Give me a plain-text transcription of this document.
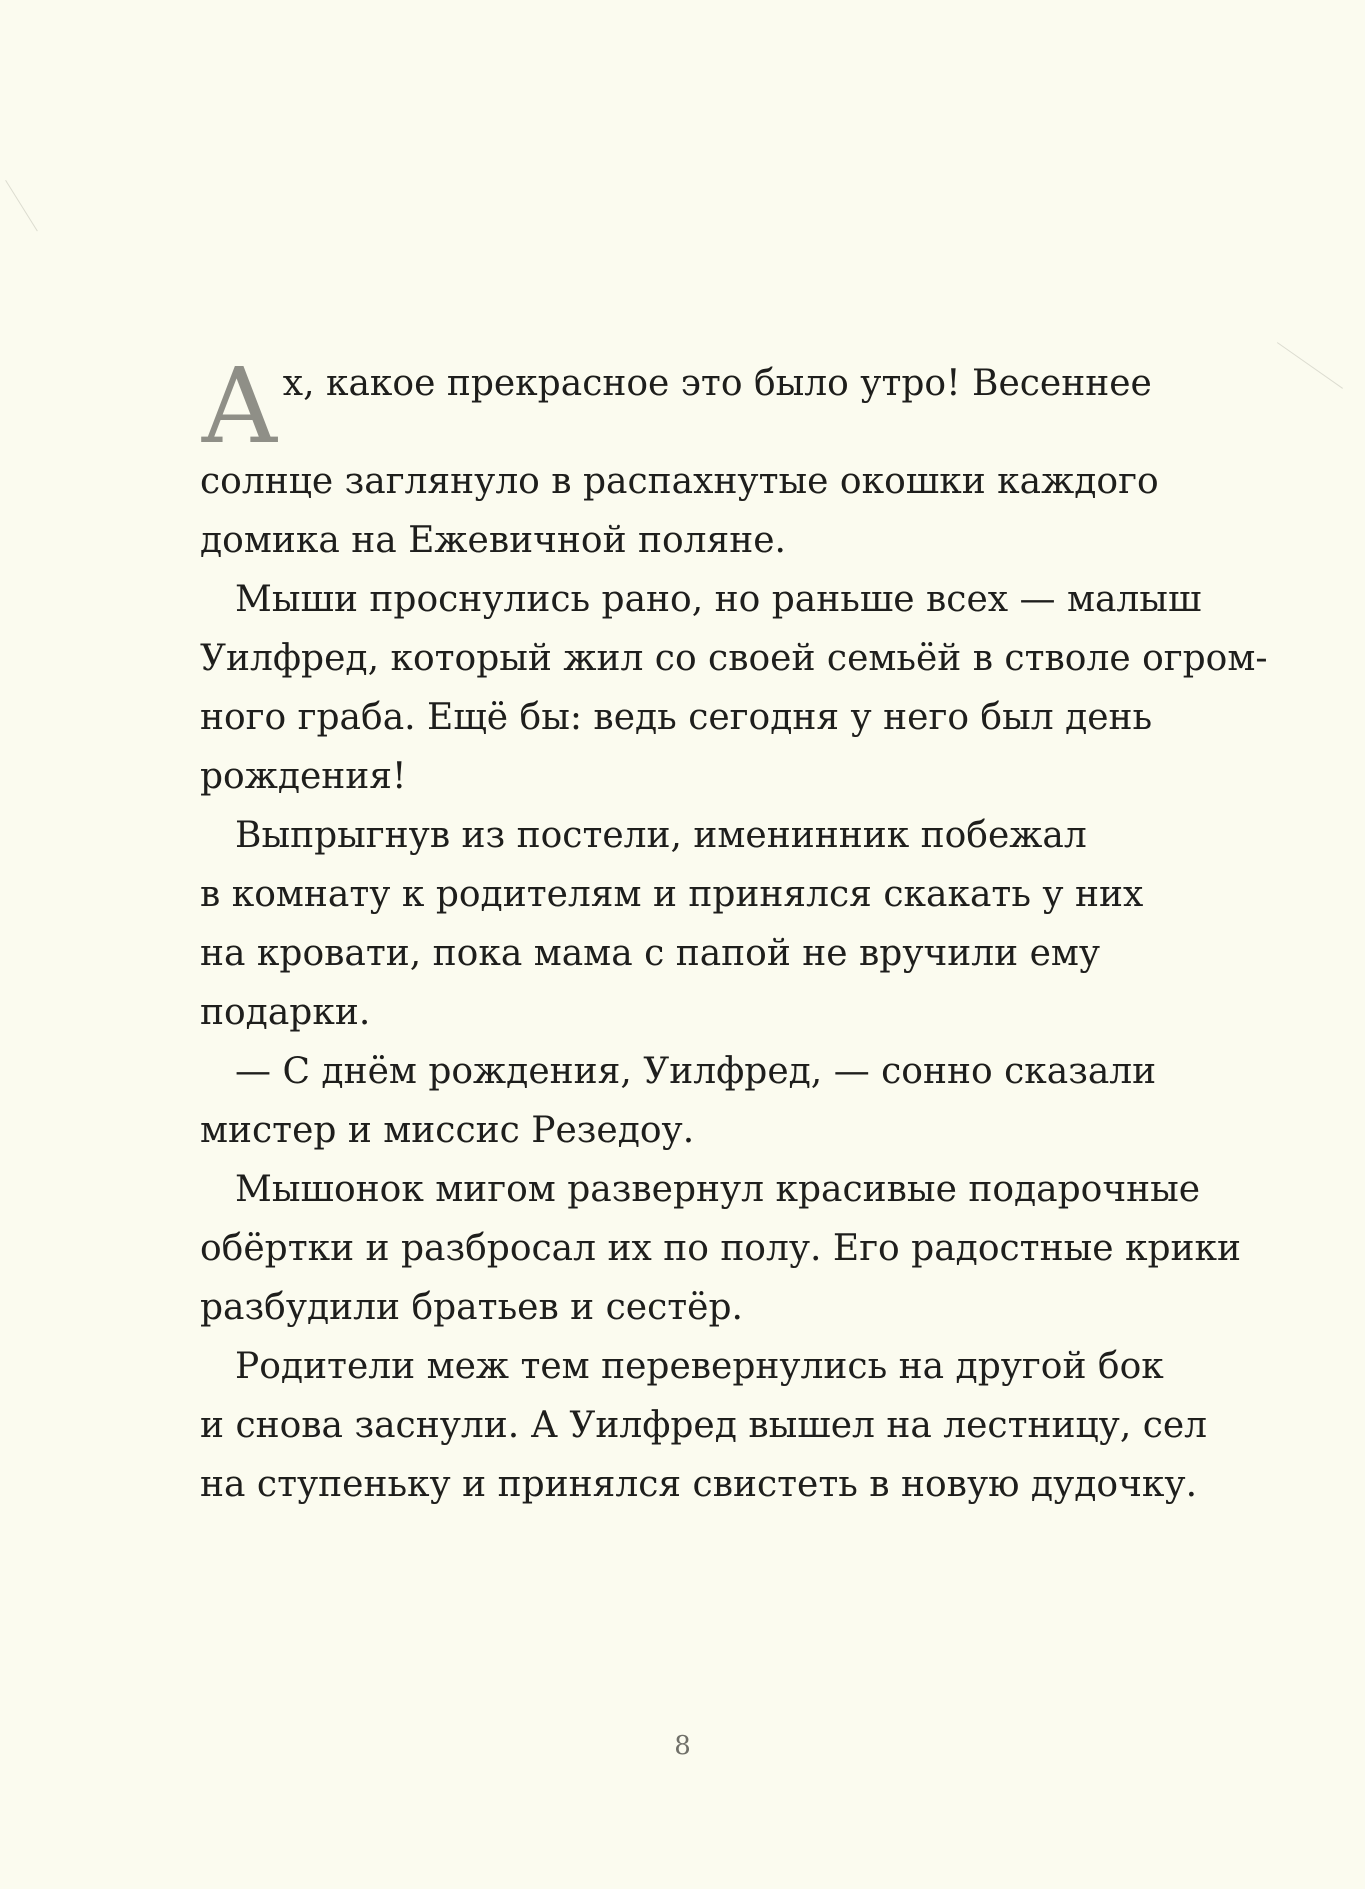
А х, какое прекрасное это было утро! Весеннее
солнце заглянуло в распахнутые окошки каждого
домика на Ежевичной поляне.
Мыши проснулись рано, но раньше всех — малыш
Уилфред, который жил со своей семьёй в стволе огром-
ного граба. Ещё бы: ведь сегодня у него был день
рождения!
Выпрыгнув из постели, именинник побежал
в комнату к родителям и принялся скакать у них
на кровати, пока мама с папой не вручили ему
подарки.
— С днём рождения, Уилфред, — сонно сказали
мистер и миссис Резедоу.
Мышонок мигом развернул красивые подарочные
обёртки и разбросал их по полу. Его радостные крики
разбудили братьев и сестёр.
Родители меж тем перевернулись на другой бок
и снова заснули. А Уилфред вышел на лестницу, сел
на ступеньку и принялся свистеть в новую дудочку.
8
